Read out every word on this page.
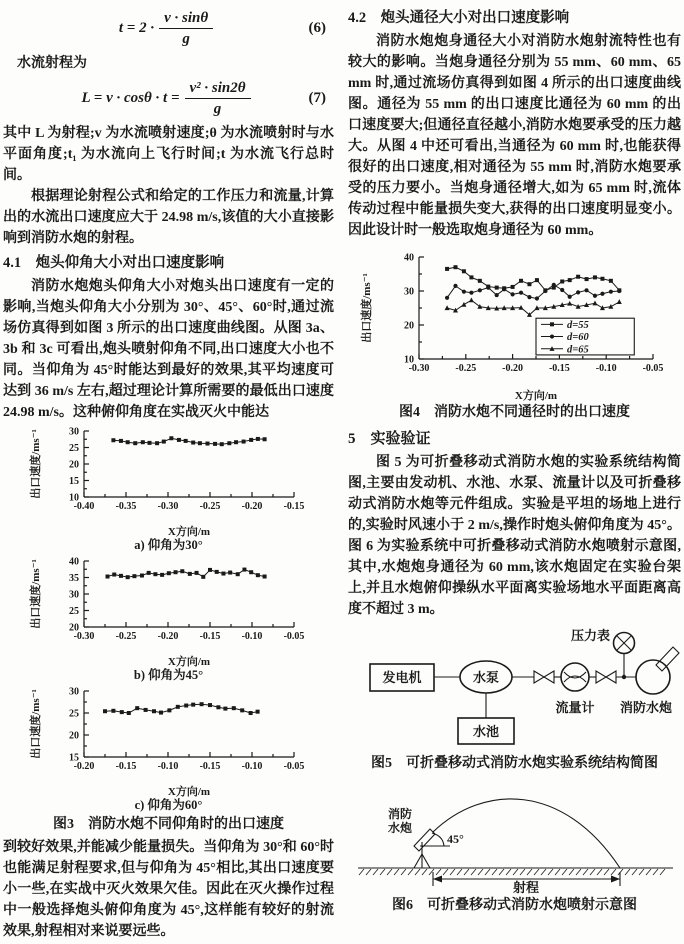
$t = 2 \cdot \frac{v \cdot \sin\theta}{g}$	(6)

水流射程为

$L = v \cdot \cos\theta \cdot t = \frac{\text{v² · sin2θ}}{g}$	(7)

其中 L 为射程;v 为水流喷射速度;θ 为水流喷射时与水平面角度;t₁ 为水流向上飞行时间;t 为水流飞行总时间。

根据理论射程公式和给定的工作压力和流量,计算出的水流出口速度应大于 24.98 m/s,该值的大小直接影响到消防水炮的射程。

4.1　炮头仰角大小对出口速度影响

消防水炮炮头仰角大小对炮头出口速度有一定的影响,当炮头仰角大小分别为 30°、45°、60°时,通过流场仿真得到如图 3 所示的出口速度曲线图。从图 3a、3b 和 3c 可看出,炮头喷射仰角不同,出口速度大小也不同。当仰角为 45°时能达到最好的效果,其平均速度可达到 36 m/s 左右,超过理论计算所需要的最低出口速度 24.98 m/s。这种俯仰角度在实战灭火中能达

10
15
20
25
30
-0.40 -0.35 -0.30 -0.25 -0.20 -0.15
X方向/m
出口速度/ms⁻¹
a) 仰角为30°
20
25
30
35
40
-0.30 -0.25 -0.20 -0.15 -0.10 -0.05
X方向/m
出口速度/ms⁻¹
b) 仰角为45°
15
20
25
30
-0.20 -0.15 -0.10 -0.15 -0.10 -0.05
X方向/m
出口速度/ms⁻¹
c) 仰角为60°

图3　消防水炮不同仰角时的出口速度

到较好效果,并能减少能量损失。当仰角为 30°和 60°时也能满足射程要求,但与仰角为 45°相比,其出口速度要小一些,在实战中灭火效果欠佳。因此在灭火操作过程中一般选择炮头俯仰角度为 45°,这样能有较好的射流效果,射程相对来说要远些。

4.2　炮头通径大小对出口速度影响

消防水炮炮身通径大小对消防水炮射流特性也有较大的影响。当炮身通径分别为 55 mm、60 mm、65 mm 时,通过流场仿真得到如图 4 所示的出口速度曲线图。通径为 55 mm 的出口速度比通径为 60 mm 的出口速度要大;但通径直径越小,消防水炮要承受的压力越大。从图 4 中还可看出,当通径为 60 mm 时,也能获得很好的出口速度,相对通径为 55 mm 时,消防水炮要承受的压力要小。当炮身通径增大,如为 65 mm 时,流体传动过程中能量损失变大,获得的出口速度明显变小。因此设计时一般选取炮身通径为 60 mm。

10
20
30
40
-0.30	-0.25	-0.20	-0.15	-0.10	-0.05
X方向/m
出口速度/ms⁻¹	d=55
d=60
d=65

图4　消防水炮不同通径时的出口速度

5　实验验证

图 5 为可折叠移动式消防水炮的实验系统结构简图,主要由发动机、水池、水泵、流量计以及可折叠移动式消防水炮等元件组成。实验是平坦的场地上进行的,实验时风速小于 2 m/s,操作时炮头俯仰角度为 45°。图 6 为实验系统中可折叠移动式消防水炮喷射示意图,其中,水炮炮身通径为 60 mm,该水炮固定在实验台架上,并且水炮俯仰操纵水平面离实验场地水平面距离高度不超过 3 m。

发电机	水泵
水池
流量计
压力表
消防水炮

图5　可折叠移动式消防水炮实验系统结构简图

45°
消防
水炮
射程

图6　可折叠移动式消防水炮喷射示意图
